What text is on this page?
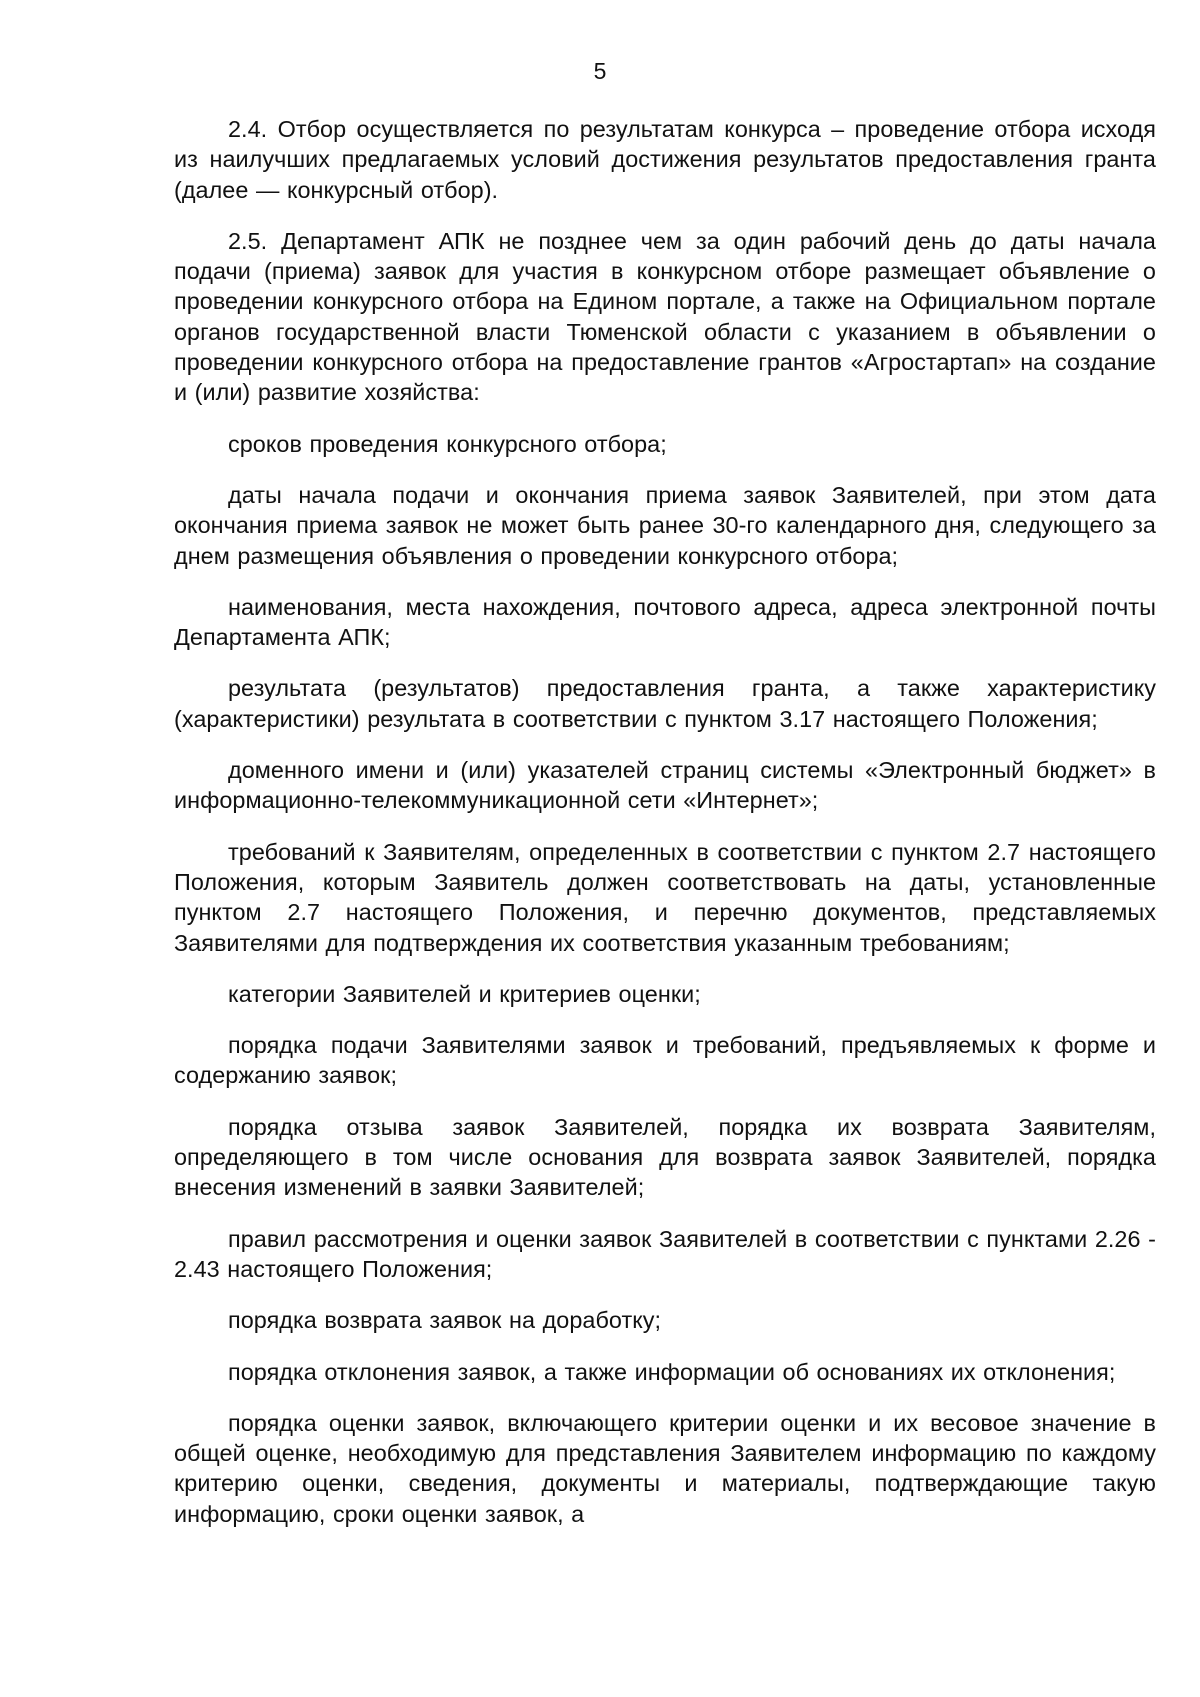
5

2.4. Отбор осуществляется по результатам конкурса – проведение отбора исходя из наилучших предлагаемых условий достижения результатов предоставления гранта (далее — конкурсный отбор).

2.5. Департамент АПК не позднее чем за один рабочий день до даты начала подачи (приема) заявок для участия в конкурсном отборе размещает объявление о проведении конкурсного отбора на Едином портале, а также на Официальном портале органов государственной власти Тюменской области с указанием в объявлении о проведении конкурсного отбора на предоставление грантов «Агростартап» на создание и (или) развитие хозяйства:

сроков проведения конкурсного отбора;

даты начала подачи и окончания приема заявок Заявителей, при этом дата окончания приема заявок не может быть ранее 30-го календарного дня, следующего за днем размещения объявления о проведении конкурсного отбора;

наименования, места нахождения, почтового адреса, адреса электронной почты Департамента АПК;

результата (результатов) предоставления гранта, а также характеристику (характеристики) результата в соответствии с пунктом 3.17 настоящего Положения;

доменного имени и (или) указателей страниц системы «Электронный бюджет» в информационно-телекоммуникационной сети «Интернет»;

требований к Заявителям, определенных в соответствии с пунктом 2.7 настоящего Положения, которым Заявитель должен соответствовать на даты, установленные пунктом 2.7 настоящего Положения, и перечню документов, представляемых Заявителями для подтверждения их соответствия указанным требованиям;

категории Заявителей и критериев оценки;

порядка подачи Заявителями заявок и требований, предъявляемых к форме и содержанию заявок;

порядка отзыва заявок Заявителей, порядка их возврата Заявителям, определяющего в том числе основания для возврата заявок Заявителей, порядка внесения изменений в заявки Заявителей;

правил рассмотрения и оценки заявок Заявителей в соответствии с пунктами 2.26 - 2.43 настоящего Положения;

порядка возврата заявок на доработку;

порядка отклонения заявок, а также информации об основаниях их отклонения;

порядка оценки заявок, включающего критерии оценки и их весовое значение в общей оценке, необходимую для представления Заявителем информацию по каждому критерию оценки, сведения, документы и материалы, подтверждающие такую информацию, сроки оценки заявок, а
